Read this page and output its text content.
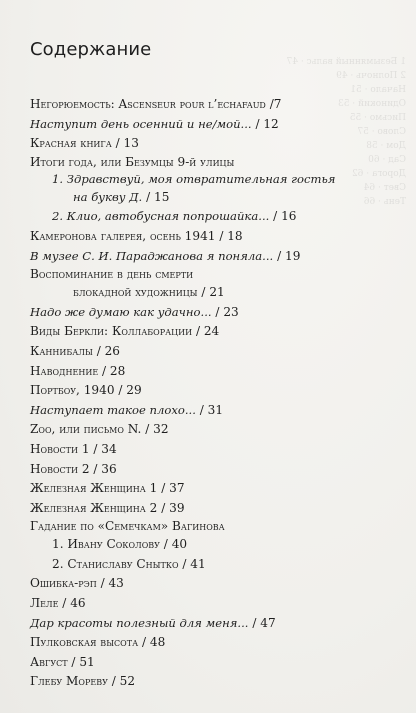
1 Безымянный вальс · 47
2 Полночь · 49
Начало · 51
Одинокий · 53
Письмо · 55
Слово · 57
Дом · 58
Сад · 60
Дорога · 62
Свет · 64
Тень · 66
Содержание
Негорюемость: Ascenseur pour l’echafaud /7
Наступит день осенний и не/мой... / 12
Красная книга / 13
Итоги года, или Безумцы 9-й улицы
1. Здравствуй, моя отвратительная гостья
на букву Д. / 15
2. Клио, автобусная попрошайка... / 16
Камеронова галерея, осень 1941 / 18
В музее С. И. Параджанова я поняла... / 19
Воспоминание в день смерти
блокадной художницы / 21
Надо же думаю как удачно... / 23
Виды Беркли: Коллаборации / 24
Каннибалы / 26
Наводнение / 28
Портбоу, 1940 / 29
Наступает такое плохо... / 31
Zoo, или письмо N. / 32
Новости 1 / 34
Новости 2 / 36
Железная Женщина 1 / 37
Железная Женщина 2 / 39
Гадание по «Семечкам» Вагинова
1. Ивану Соколову / 40
2. Станиславу Снытко / 41
Ошибка-рэп / 43
Леле / 46
Дар красоты полезный для меня... / 47
Пулковская высота / 48
Август / 51
Глебу Мореву / 52
